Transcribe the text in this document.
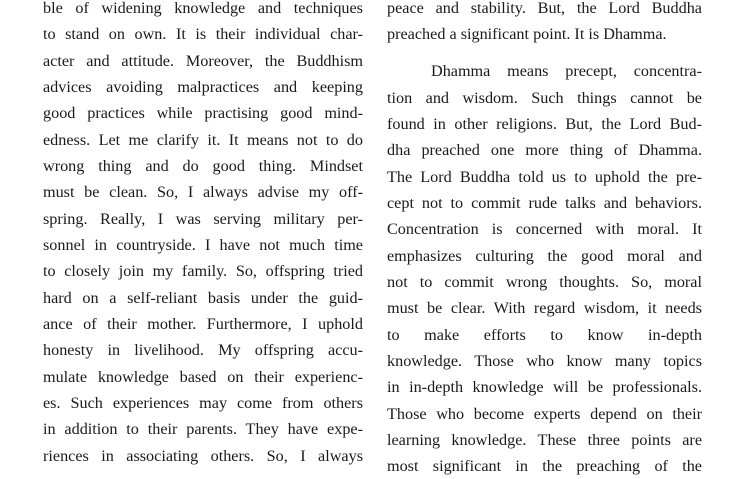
ble of widening knowledge and techniques
to stand on own. It is their individual char-
acter and attitude. Moreover, the Buddhism
advices avoiding malpractices and keeping
good practices while practising good mind-
edness. Let me clarify it. It means not to do
wrong thing and do good thing. Mindset
must be clean. So, I always advise my off-
spring. Really, I was serving military per-
sonnel in countryside. I have not much time
to closely join my family. So, offspring tried
hard on a self-reliant basis under the guid-
ance of their mother. Furthermore, I uphold
honesty in livelihood. My offspring accu-
mulate knowledge based on their experienc-
es. Such experiences may come from others
in addition to their parents. They have expe-
riences in associating others. So, I always
peace and stability. But, the Lord Buddha
preached a significant point. It is Dhamma.
Dhamma means precept, concentra-
tion and wisdom. Such things cannot be
found in other religions. But, the Lord Bud-
dha preached one more thing of Dhamma.
The Lord Buddha told us to uphold the pre-
cept not to commit rude talks and behaviors.
Concentration is concerned with moral. It
emphasizes culturing the good moral and
not to commit wrong thoughts. So, moral
must be clear. With regard wisdom, it needs
to make efforts to know in-depth
knowledge. Those who know many topics
in in-depth knowledge will be professionals.
Those who become experts depend on their
learning knowledge. These three points are
most significant in the preaching of the
